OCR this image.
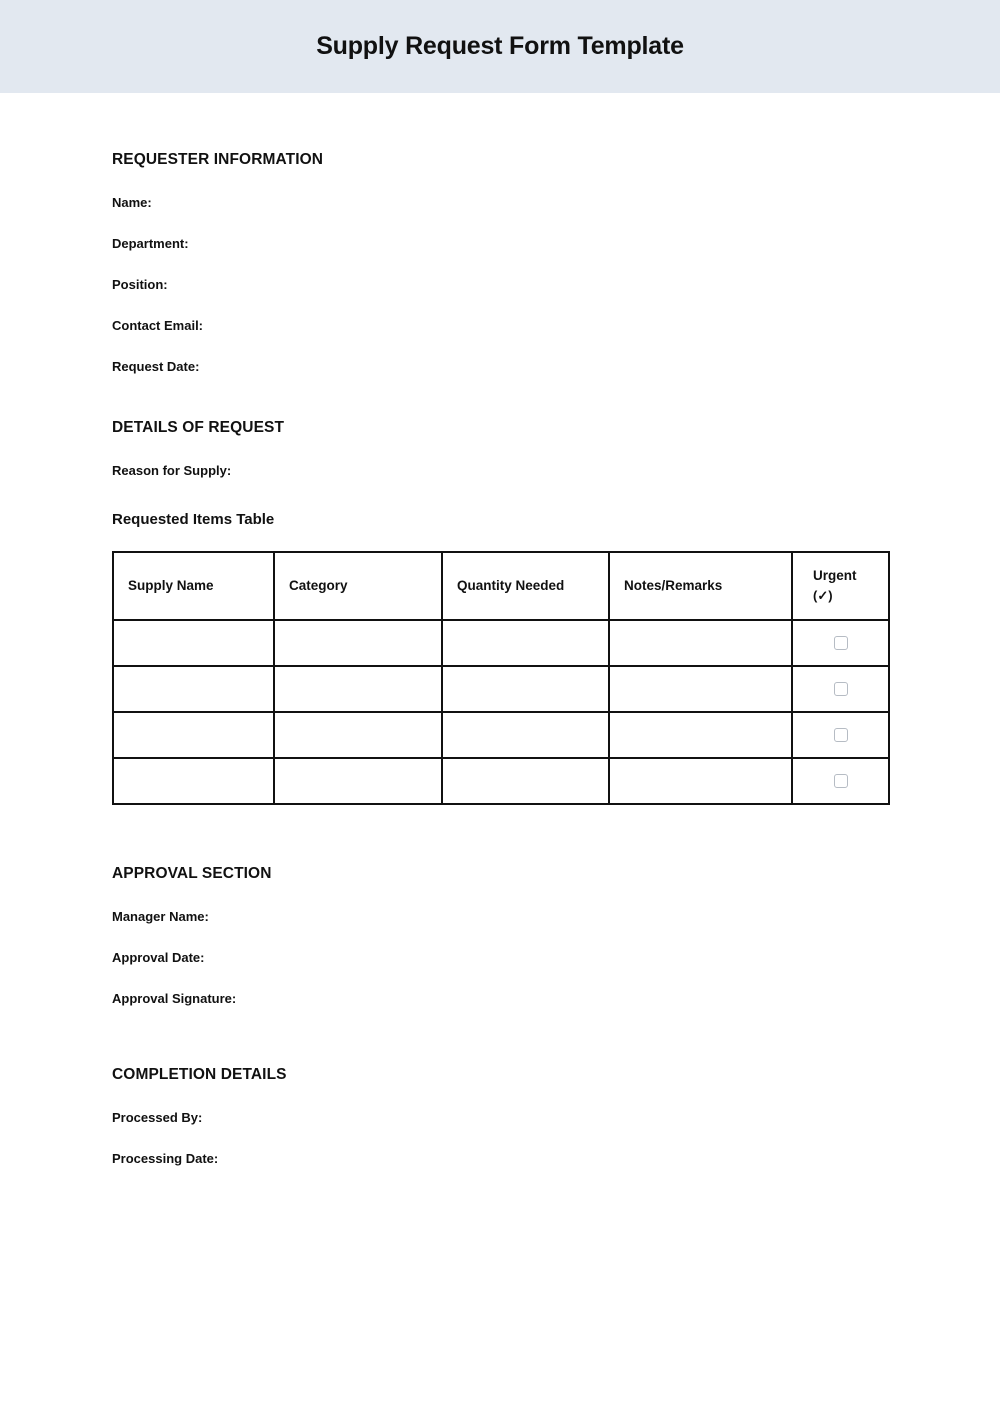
Supply Request Form Template
REQUESTER INFORMATION

Name:

Department:

Position:

Contact Email:

Request Date:

DETAILS OF REQUEST

Reason for Supply:

Requested Items Table
Supply Name	Category	Quantity Needed	Notes/Remarks	Urgent
(✓)

APPROVAL SECTION

Manager Name:

Approval Date:

Approval Signature:

COMPLETION DETAILS

Processed By:

Processing Date:
